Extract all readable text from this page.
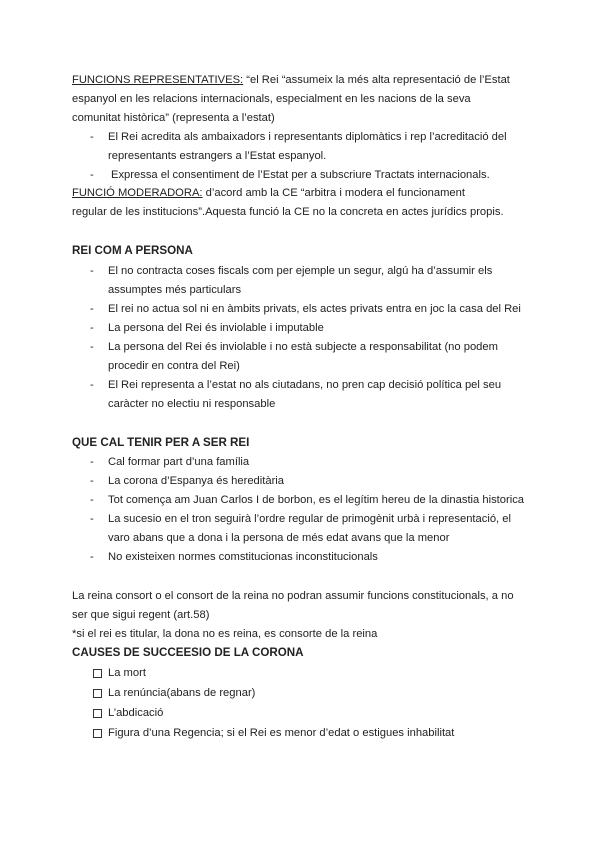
FUNCIONS REPRESENTATIVES: “el Rei “assumeix la més alta representació de l’Estat
espanyol en les relacions internacionals, especialment en les nacions de la seva
comunitat històrica” (representa a l’estat)
- El Rei acredita als ambaixadors i representants diplomàtics i rep l’acreditació del
representants estrangers a l’Estat espanyol.
- Expressa el consentiment de l’Estat per a subscriure Tractats internacionals.
FUNCIÓ MODERADORA: d’acord amb la CE “arbitra i modera el funcionament
regular de les institucions”.Aquesta funció la CE no la concreta en actes jurídics propis.
REI COM A PERSONA
- El no contracta coses fiscals com per ejemple un segur, algú ha d’assumir els
assumptes més particulars
- El rei no actua sol ni en àmbits privats, els actes privats entra en joc la casa del Rei
- La persona del Rei és inviolable i imputable
- La persona del Rei és inviolable i no està subjecte a responsabilitat (no podem
procedir en contra del Rei)
- El Rei representa a l’estat no als ciutadans, no pren cap decisió política pel seu
caràcter no electiu ni responsable
QUE CAL TENIR PER A SER REI
- Cal formar part d’una família
- La corona d’Espanya és hereditària
- Tot comença am Juan Carlos I de borbon, es el legítim hereu de la dinastia historica
- La sucesio en el tron seguirà l’ordre regular de primogènit urbà i representació, el
varo abans que a dona i la persona de més edat avans que la menor
- No existeixen normes comstitucionas inconstitucionals
La reina consort o el consort de la reina no podran assumir funcions constitucionals, a no
ser que sigui regent (art.58)
*si el rei es titular, la dona no es reina, es consorte de la reina
CAUSES DE SUCCEESIO DE LA CORONA
La mort
La renúncia(abans de regnar)
L’abdicació
Figura d’una Regencia; si el Rei es menor d’edat o estigues inhabilitat
